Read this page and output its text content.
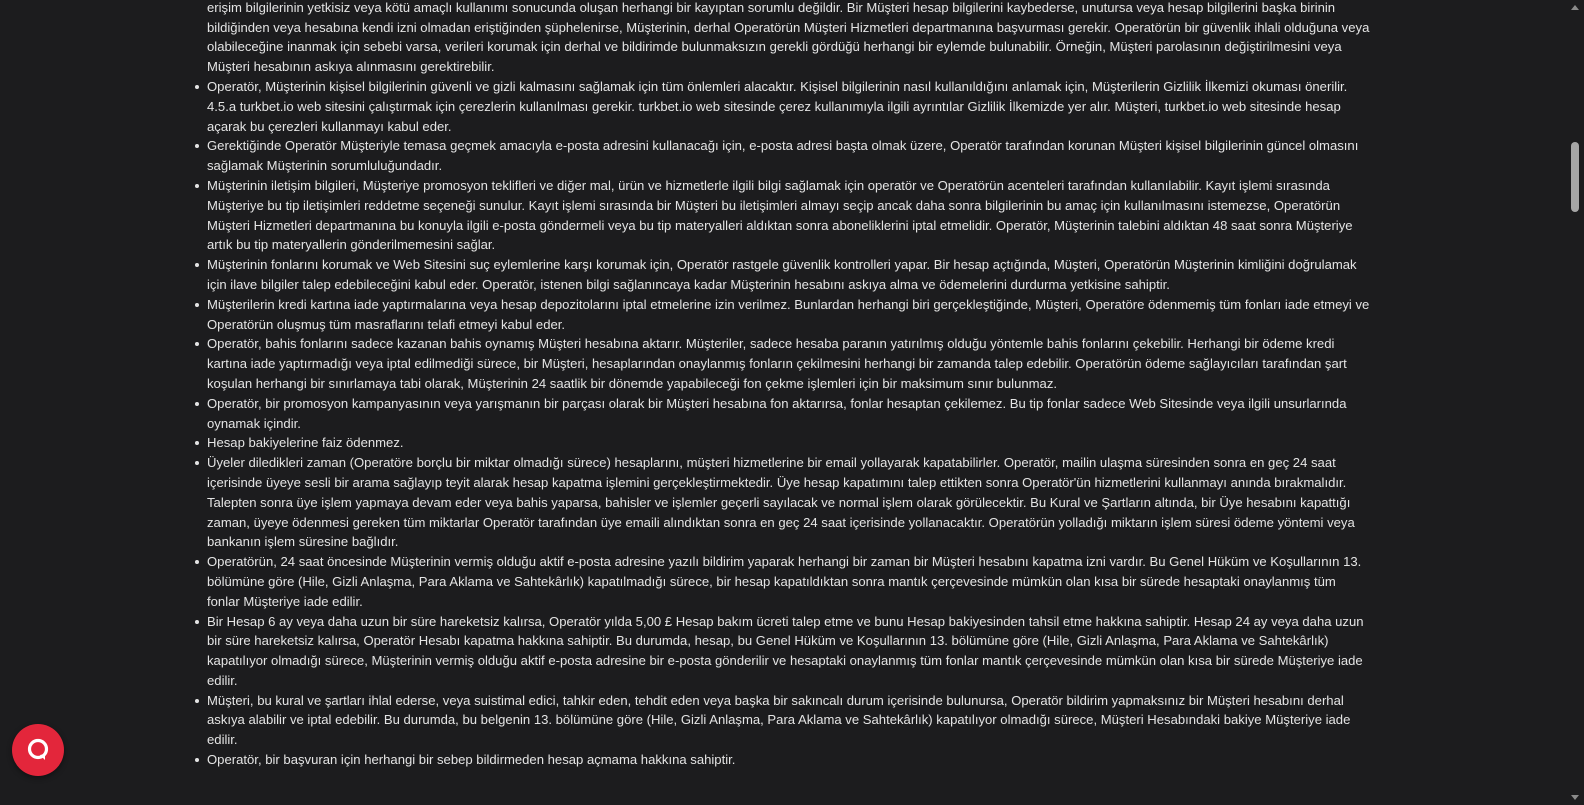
erişim bilgilerinin yetkisiz veya kötü amaçlı kullanımı sonucunda oluşan herhangi bir kayıptan sorumlu değildir. Bir Müşteri hesap bilgilerini kaybederse, unutursa veya hesap bilgilerini başka birinin bildiğinden veya hesabına kendi izni olmadan eriştiğinden şüphelenirse, Müşterinin, derhal Operatörün Müşteri Hizmetleri departmanına başvurması gerekir. Operatörün bir güvenlik ihlali olduğuna veya olabileceğine inanmak için sebebi varsa, verileri korumak için derhal ve bildirimde bulunmaksızın gerekli gördüğü herhangi bir eylemde bulunabilir. Örneğin, Müşteri parolasının değiştirilmesini veya Müşteri hesabının askıya alınmasını gerektirebilir.
Operatör, Müşterinin kişisel bilgilerinin güvenli ve gizli kalmasını sağlamak için tüm önlemleri alacaktır. Kişisel bilgilerinin nasıl kullanıldığını anlamak için, Müşterilerin Gizlilik İlkemizi okuması önerilir. 4.5.a turkbet.io web sitesini çalıştırmak için çerezlerin kullanılması gerekir. turkbet.io web sitesinde çerez kullanımıyla ilgili ayrıntılar Gizlilik İlkemizde yer alır. Müşteri, turkbet.io web sitesinde hesap açarak bu çerezleri kullanmayı kabul eder.
Gerektiğinde Operatör Müşteriyle temasa geçmek amacıyla e-posta adresini kullanacağı için, e-posta adresi başta olmak üzere, Operatör tarafından korunan Müşteri kişisel bilgilerinin güncel olmasını sağlamak Müşterinin sorumluluğundadır.
Müşterinin iletişim bilgileri, Müşteriye promosyon teklifleri ve diğer mal, ürün ve hizmetlerle ilgili bilgi sağlamak için operatör ve Operatörün acenteleri tarafından kullanılabilir. Kayıt işlemi sırasında Müşteriye bu tip iletişimleri reddetme seçeneği sunulur. Kayıt işlemi sırasında bir Müşteri bu iletişimleri almayı seçip ancak daha sonra bilgilerinin bu amaç için kullanılmasını istemezse, Operatörün Müşteri Hizmetleri departmanına bu konuyla ilgili e-posta göndermeli veya bu tip materyalleri aldıktan sonra aboneliklerini iptal etmelidir. Operatör, Müşterinin talebini aldıktan 48 saat sonra Müşteriye artık bu tip materyallerin gönderilmemesini sağlar.
Müşterinin fonlarını korumak ve Web Sitesini suç eylemlerine karşı korumak için, Operatör rastgele güvenlik kontrolleri yapar. Bir hesap açtığında, Müşteri, Operatörün Müşterinin kimliğini doğrulamak için ilave bilgiler talep edebileceğini kabul eder. Operatör, istenen bilgi sağlanıncaya kadar Müşterinin hesabını askıya alma ve ödemelerini durdurma yetkisine sahiptir.
Müşterilerin kredi kartına iade yaptırmalarına veya hesap depozitolarını iptal etmelerine izin verilmez. Bunlardan herhangi biri gerçekleştiğinde, Müşteri, Operatöre ödenmemiş tüm fonları iade etmeyi ve Operatörün oluşmuş tüm masraflarını telafi etmeyi kabul eder.
Operatör, bahis fonlarını sadece kazanan bahis oynamış Müşteri hesabına aktarır. Müşteriler, sadece hesaba paranın yatırılmış olduğu yöntemle bahis fonlarını çekebilir. Herhangi bir ödeme kredi kartına iade yaptırmadığı veya iptal edilmediği sürece, bir Müşteri, hesaplarından onaylanmış fonların çekilmesini herhangi bir zamanda talep edebilir. Operatörün ödeme sağlayıcıları tarafından şart koşulan herhangi bir sınırlamaya tabi olarak, Müşterinin 24 saatlik bir dönemde yapabileceği fon çekme işlemleri için bir maksimum sınır bulunmaz.
Operatör, bir promosyon kampanyasının veya yarışmanın bir parçası olarak bir Müşteri hesabına fon aktarırsa, fonlar hesaptan çekilemez. Bu tip fonlar sadece Web Sitesinde veya ilgili unsurlarında oynamak içindir.
Hesap bakiyelerine faiz ödenmez.
Üyeler diledikleri zaman (Operatöre borçlu bir miktar olmadığı sürece) hesaplarını, müşteri hizmetlerine bir email yollayarak kapatabilirler. Operatör, mailin ulaşma süresinden sonra en geç 24 saat içerisinde üyeye sesli bir arama sağlayıp teyit alarak hesap kapatma işlemini gerçekleştirmektedir. Üye hesap kapatımını talep ettikten sonra Operatör'ün hizmetlerini kullanmayı anında bırakmalıdır. Talepten sonra üye işlem yapmaya devam eder veya bahis yaparsa, bahisler ve işlemler geçerli sayılacak ve normal işlem olarak görülecektir. Bu Kural ve Şartların altında, bir Üye hesabını kapattığı zaman, üyeye ödenmesi gereken tüm miktarlar Operatör tarafından üye emaili alındıktan sonra en geç 24 saat içerisinde yollanacaktır. Operatörün yolladığı miktarın işlem süresi ödeme yöntemi veya bankanın işlem süresine bağlıdır.
Operatörün, 24 saat öncesinde Müşterinin vermiş olduğu aktif e-posta adresine yazılı bildirim yaparak herhangi bir zaman bir Müşteri hesabını kapatma izni vardır. Bu Genel Hüküm ve Koşullarının 13. bölümüne göre (Hile, Gizli Anlaşma, Para Aklama ve Sahtekârlık) kapatılmadığı sürece, bir hesap kapatıldıktan sonra mantık çerçevesinde mümkün olan kısa bir sürede hesaptaki onaylanmış tüm fonlar Müşteriye iade edilir.
Bir Hesap 6 ay veya daha uzun bir süre hareketsiz kalırsa, Operatör yılda 5,00 £ Hesap bakım ücreti talep etme ve bunu Hesap bakiyesinden tahsil etme hakkına sahiptir. Hesap 24 ay veya daha uzun bir süre hareketsiz kalırsa, Operatör Hesabı kapatma hakkına sahiptir. Bu durumda, hesap, bu Genel Hüküm ve Koşullarının 13. bölümüne göre (Hile, Gizli Anlaşma, Para Aklama ve Sahtekârlık) kapatılıyor olmadığı sürece, Müşterinin vermiş olduğu aktif e-posta adresine bir e-posta gönderilir ve hesaptaki onaylanmış tüm fonlar mantık çerçevesinde mümkün olan kısa bir sürede Müşteriye iade edilir.
Müşteri, bu kural ve şartları ihlal ederse, veya suistimal edici, tahkir eden, tehdit eden veya başka bir sakıncalı durum içerisinde bulunursa, Operatör bildirim yapmaksınız bir Müşteri hesabını derhal askıya alabilir ve iptal edebilir. Bu durumda, bu belgenin 13. bölümüne göre (Hile, Gizli Anlaşma, Para Aklama ve Sahtekârlık) kapatılıyor olmadığı sürece, Müşteri Hesabındaki bakiye Müşteriye iade edilir.
Operatör, bir başvuran için herhangi bir sebep bildirmeden hesap açmama hakkına sahiptir.
